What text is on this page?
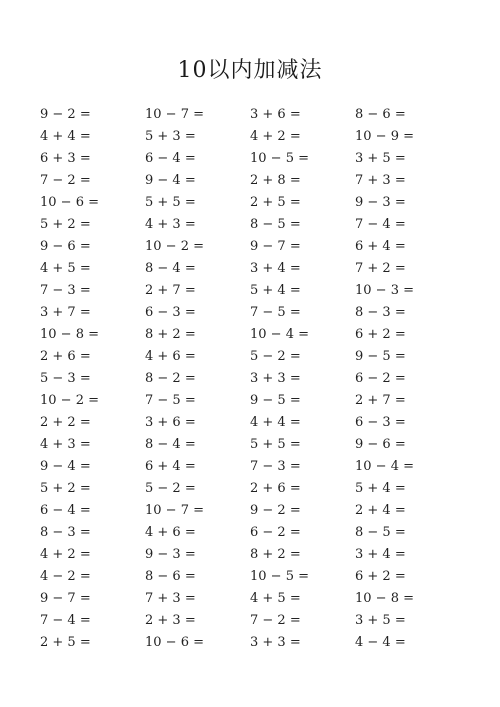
10以内加减法
9 − 2 =	10 − 7 =	3 + 6 =	8 − 6 =
4 + 4 =	5 + 3 =	4 + 2 =	10 − 9 =
6 + 3 =	6 − 4 =	10 − 5 =	3 + 5 =
7 − 2 =	9 − 4 =	2 + 8 =	7 + 3 =
10 − 6 =	5 + 5 =	2 + 5 =	9 − 3 =
5 + 2 =	4 + 3 =	8 − 5 =	7 − 4 =
9 − 6 =	10 − 2 =	9 − 7 =	6 + 4 =
4 + 5 =	8 − 4 =	3 + 4 =	7 + 2 =
7 − 3 =	2 + 7 =	5 + 4 =	10 − 3 =
3 + 7 =	6 − 3 =	7 − 5 =	8 − 3 =
10 − 8 =	8 + 2 =	10 − 4 =	6 + 2 =
2 + 6 =	4 + 6 =	5 − 2 =	9 − 5 =
5 − 3 =	8 − 2 =	3 + 3 =	6 − 2 =
10 − 2 =	7 − 5 =	9 − 5 =	2 + 7 =
2 + 2 =	3 + 6 =	4 + 4 =	6 − 3 =
4 + 3 =	8 − 4 =	5 + 5 =	9 − 6 =
9 − 4 =	6 + 4 =	7 − 3 =	10 − 4 =
5 + 2 =	5 − 2 =	2 + 6 =	5 + 4 =
6 − 4 =	10 − 7 =	9 − 2 =	2 + 4 =
8 − 3 =	4 + 6 =	6 − 2 =	8 − 5 =
4 + 2 =	9 − 3 =	8 + 2 =	3 + 4 =
4 − 2 =	8 − 6 =	10 − 5 =	6 + 2 =
9 − 7 =	7 + 3 =	4 + 5 =	10 − 8 =
7 − 4 =	2 + 3 =	7 − 2 =	3 + 5 =
2 + 5 =	10 − 6 =	3 + 3 =	4 − 4 =
